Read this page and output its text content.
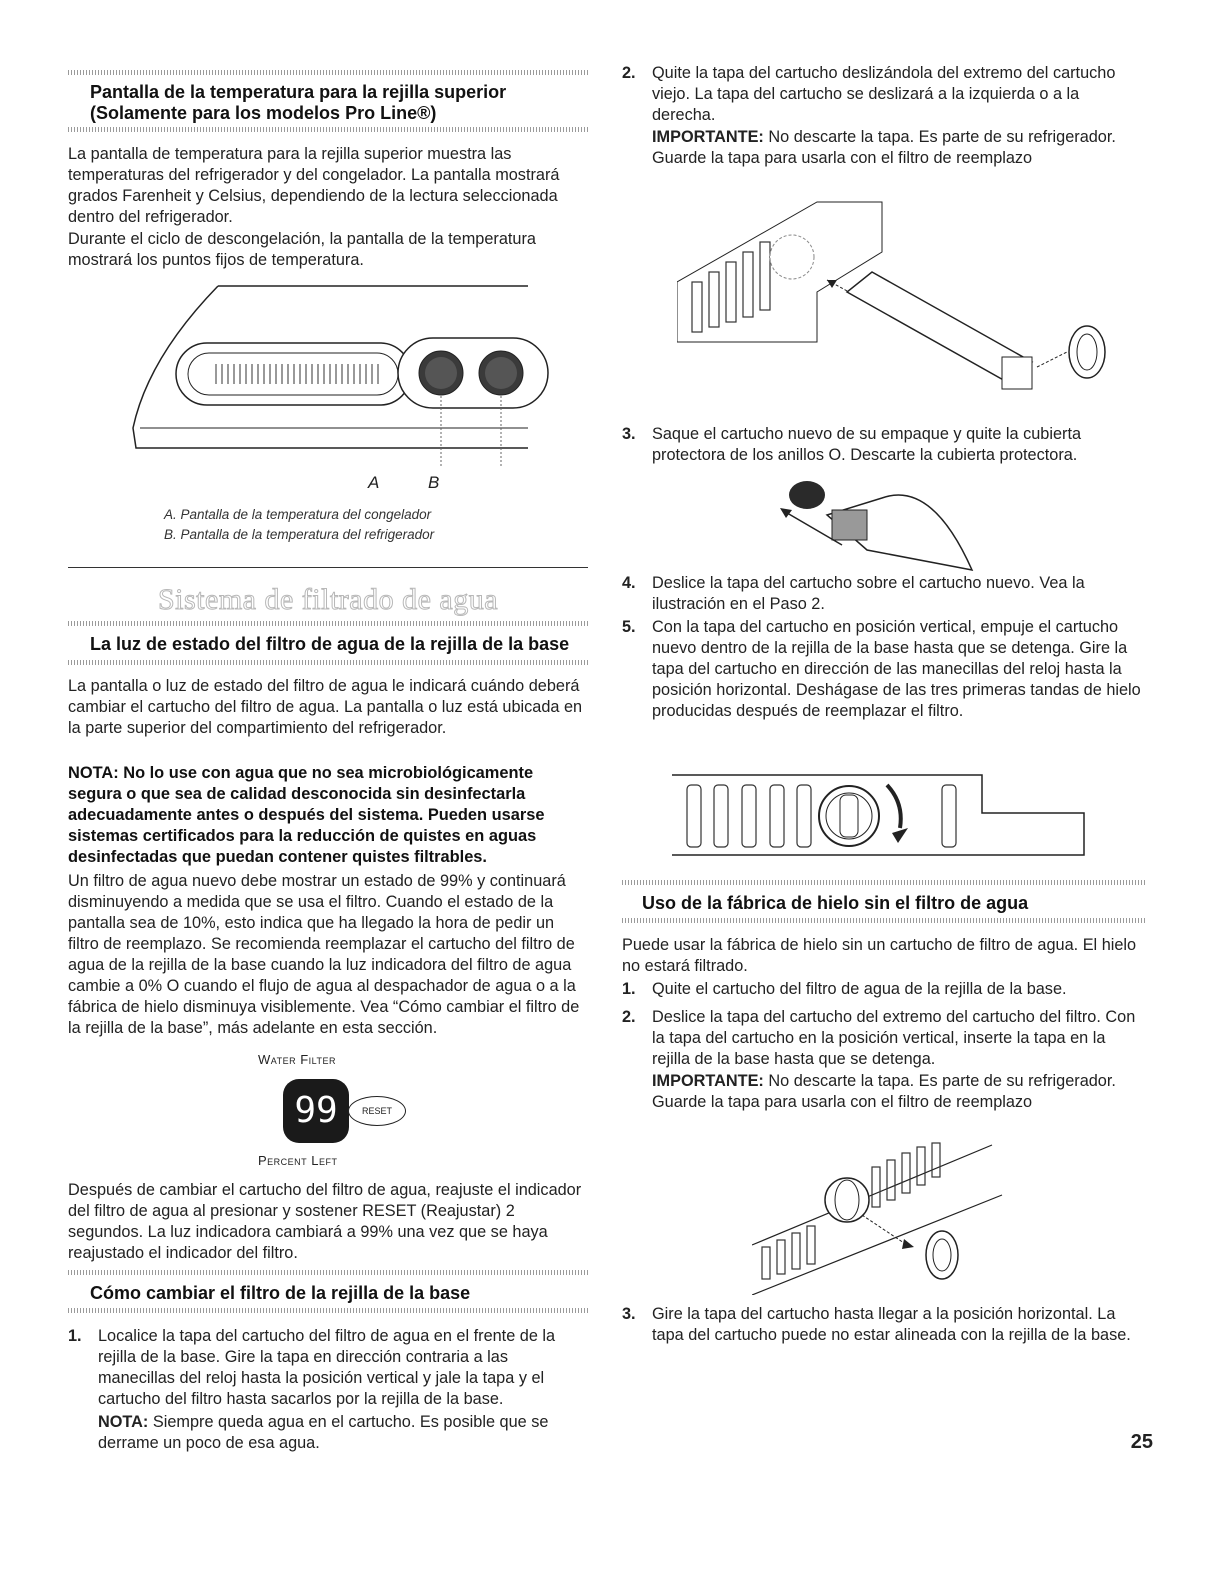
Pantalla de la temperatura para la rejilla superior (Solamente para los modelos Pro Line®)

La pantalla de temperatura para la rejilla superior muestra las temperaturas del refrigerador y del congelador. La pantalla mostrará grados Farenheit y Celsius, dependiendo de la lectura seleccionada dentro del refrigerador.

Durante el ciclo de descongelación, la pantalla de la temperatura mostrará los puntos fijos de temperatura.

A	B
A. Pantalla de la temperatura del congelador
B. Pantalla de la temperatura del refrigerador
Sistema de filtrado de agua
La luz de estado del filtro de agua de la rejilla de la base

La pantalla o luz de estado del filtro de agua le indicará cuándo deberá cambiar el cartucho del filtro de agua. La pantalla o luz está ubicada en la parte superior del compartimiento del refrigerador.

NOTA: No lo use con agua que no sea microbiológicamente segura o que sea de calidad desconocida sin desinfectarla adecuadamente antes o después del sistema. Pueden usarse sistemas certificados para la reducción de quistes en aguas desinfectadas que puedan contener quistes filtrables.

Un filtro de agua nuevo debe mostrar un estado de 99% y continuará disminuyendo a medida que se usa el filtro. Cuando el estado de la pantalla sea de 10%, esto indica que ha llegado la hora de pedir un filtro de reemplazo. Se recomienda reemplazar el cartucho del filtro de agua de la rejilla de la base cuando la luz indicadora del filtro de agua cambie a 0% O cuando el flujo de agua al despachador de agua o a la fábrica de hielo disminuya visiblemente. Vea “Cómo cambiar el filtro de la rejilla de la base”, más adelante en esta sección.

Water Filter
99	RESET
Percent Left

Después de cambiar el cartucho del filtro de agua, reajuste el indicador del filtro de agua al presionar y sostener RESET (Reajustar) 2 segundos. La luz indicadora cambiará a 99% una vez que se haya reajustado el indicador del filtro.

Cómo cambiar el filtro de la rejilla de la base

1. Localice la tapa del cartucho del filtro de agua en el frente de la rejilla de la base. Gire la tapa en dirección contraria a las manecillas del reloj hasta la posición vertical y jale la tapa y el cartucho del filtro hasta sacarlos por la rejilla de la base.

NOTA: Siempre queda agua en el cartucho. Es posible que se derrame un poco de esa agua.

2. Quite la tapa del cartucho deslizándola del extremo del cartucho viejo. La tapa del cartucho se deslizará a la izquierda o a la derecha.

IMPORTANTE: No descarte la tapa. Es parte de su refrigerador. Guarde la tapa para usarla con el filtro de reemplazo

3. Saque el cartucho nuevo de su empaque y quite la cubierta protectora de los anillos O. Descarte la cubierta protectora.

4. Deslice la tapa del cartucho sobre el cartucho nuevo. Vea la ilustración en el Paso 2.

5. Con la tapa del cartucho en posición vertical, empuje el cartucho nuevo dentro de la rejilla de la base hasta que se detenga. Gire la tapa del cartucho en dirección de las manecillas del reloj hasta la posición horizontal. Deshágase de las tres primeras tandas de hielo producidas después de reemplazar el filtro.

Uso de la fábrica de hielo sin el filtro de agua

Puede usar la fábrica de hielo sin un cartucho de filtro de agua. El hielo no estará filtrado.

1. Quite el cartucho del filtro de agua de la rejilla de la base.

2. Deslice la tapa del cartucho del extremo del cartucho del filtro. Con la tapa del cartucho en la posición vertical, inserte la tapa en la rejilla de la base hasta que se detenga.

IMPORTANTE: No descarte la tapa. Es parte de su refrigerador. Guarde la tapa para usarla con el filtro de reemplazo

3. Gire la tapa del cartucho hasta llegar a la posición horizontal. La tapa del cartucho puede no estar alineada con la rejilla de la base.

25
